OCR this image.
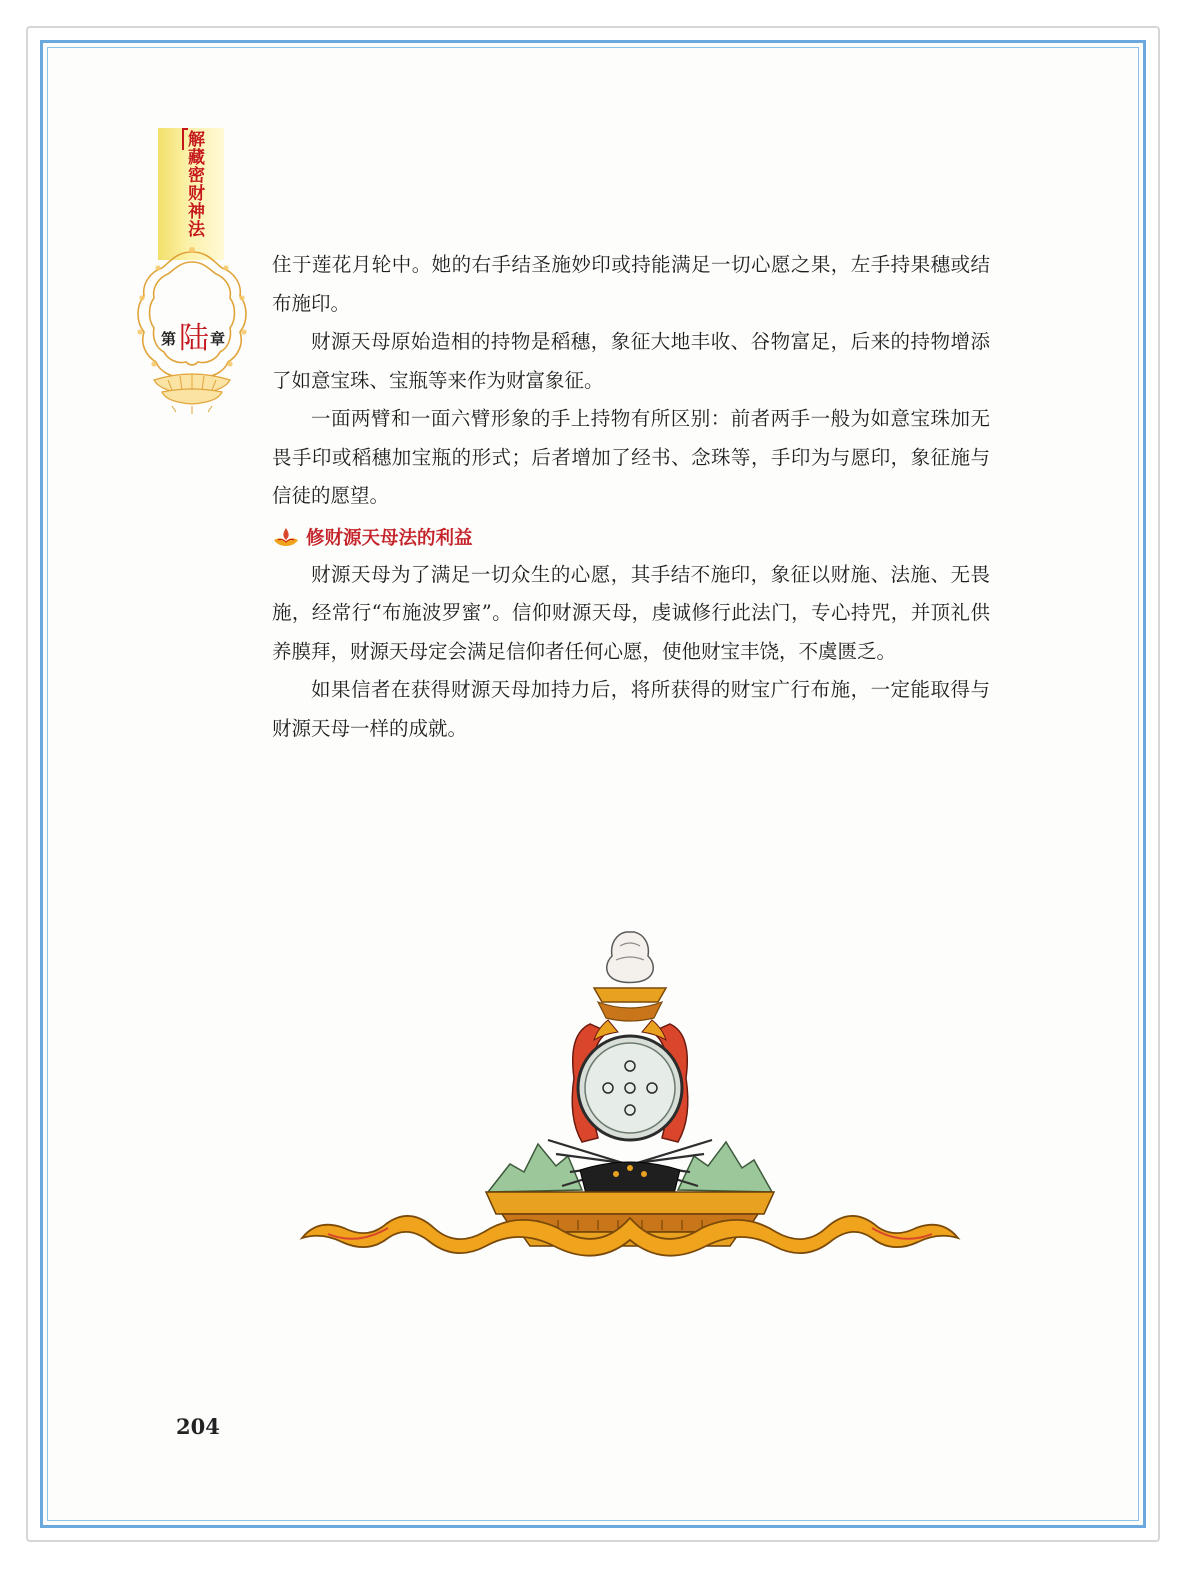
解藏密财神法
第 陆 章

住于莲花月轮中。她的右手结圣施妙印或持能满足一切心愿之果，左手持果穗或结布施印。

财源天母原始造相的持物是稻穗，象征大地丰收、谷物富足，后来的持物增添了如意宝珠、宝瓶等来作为财富象征。

一面两臂和一面六臂形象的手上持物有所区别：前者两手一般为如意宝珠加无畏手印或稻穗加宝瓶的形式；后者增加了经书、念珠等，手印为与愿印，象征施与信徒的愿望。

修财源天母法的利益

财源天母为了满足一切众生的心愿，其手结不施印，象征以财施、法施、无畏施，经常行“布施波罗蜜”。信仰财源天母，虔诚修行此法门，专心持咒，并顶礼供养膜拜，财源天母定会满足信仰者任何心愿，使他财宝丰饶，不虞匮乏。

如果信者在获得财源天母加持力后，将所获得的财宝广行布施，一定能取得与财源天母一样的成就。

204
